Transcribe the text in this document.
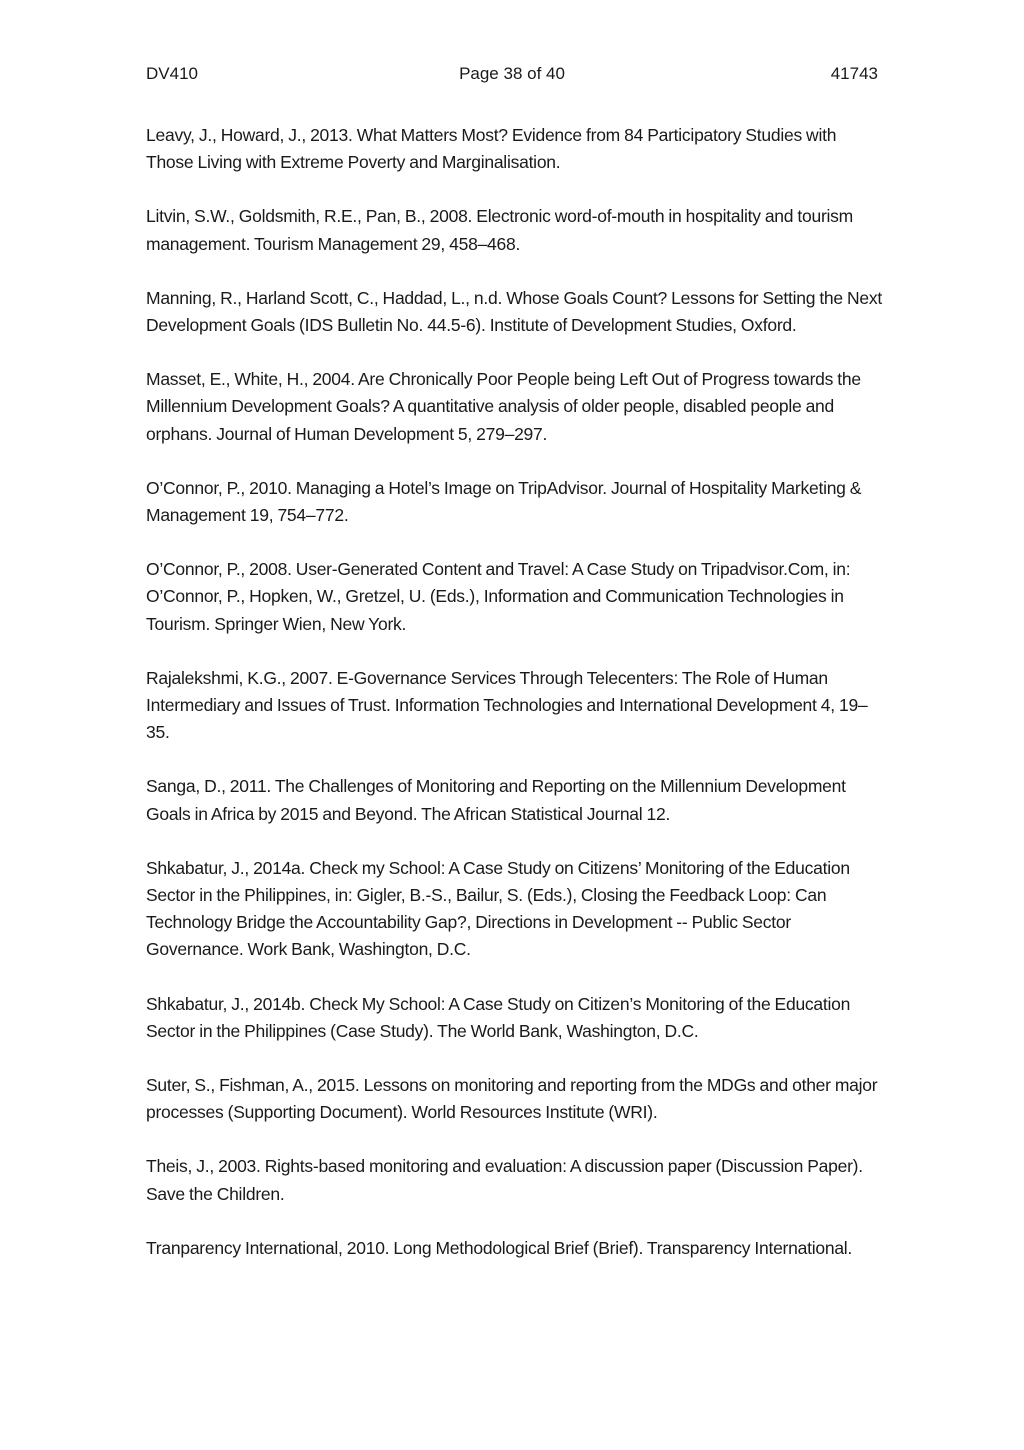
DV410	Page 38 of 40	41743
Leavy, J., Howard, J., 2013. What Matters Most? Evidence from 84 Participatory Studies with Those Living with Extreme Poverty and Marginalisation.
Litvin, S.W., Goldsmith, R.E., Pan, B., 2008. Electronic word-of-mouth in hospitality and tourism management. Tourism Management 29, 458–468.
Manning, R., Harland Scott, C., Haddad, L., n.d. Whose Goals Count? Lessons for Setting the Next Development Goals (IDS Bulletin No. 44.5-6). Institute of Development Studies, Oxford.
Masset, E., White, H., 2004. Are Chronically Poor People being Left Out of Progress towards the Millennium Development Goals? A quantitative analysis of older people, disabled people and orphans. Journal of Human Development 5, 279–297.
O’Connor, P., 2010. Managing a Hotel’s Image on TripAdvisor. Journal of Hospitality Marketing & Management 19, 754–772.
O’Connor, P., 2008. User-Generated Content and Travel: A Case Study on Tripadvisor.Com, in: O’Connor, P., Hopken, W., Gretzel, U. (Eds.), Information and Communication Technologies in Tourism. Springer Wien, New York.
Rajalekshmi, K.G., 2007. E-Governance Services Through Telecenters: The Role of Human Intermediary and Issues of Trust. Information Technologies and International Development 4, 19–35.
Sanga, D., 2011. The Challenges of Monitoring and Reporting on the Millennium Development Goals in Africa by 2015 and Beyond. The African Statistical Journal 12.
Shkabatur, J., 2014a. Check my School: A Case Study on Citizens’ Monitoring of the Education Sector in the Philippines, in: Gigler, B.-S., Bailur, S. (Eds.), Closing the Feedback Loop: Can Technology Bridge the Accountability Gap?, Directions in Development -- Public Sector Governance. Work Bank, Washington, D.C.
Shkabatur, J., 2014b. Check My School: A Case Study on Citizen’s Monitoring of the Education Sector in the Philippines (Case Study). The World Bank, Washington, D.C.
Suter, S., Fishman, A., 2015. Lessons on monitoring and reporting from the MDGs and other major processes (Supporting Document). World Resources Institute (WRI).
Theis, J., 2003. Rights-based monitoring and evaluation: A discussion paper (Discussion Paper). Save the Children.
Tranparency International, 2010. Long Methodological Brief (Brief). Transparency International.
